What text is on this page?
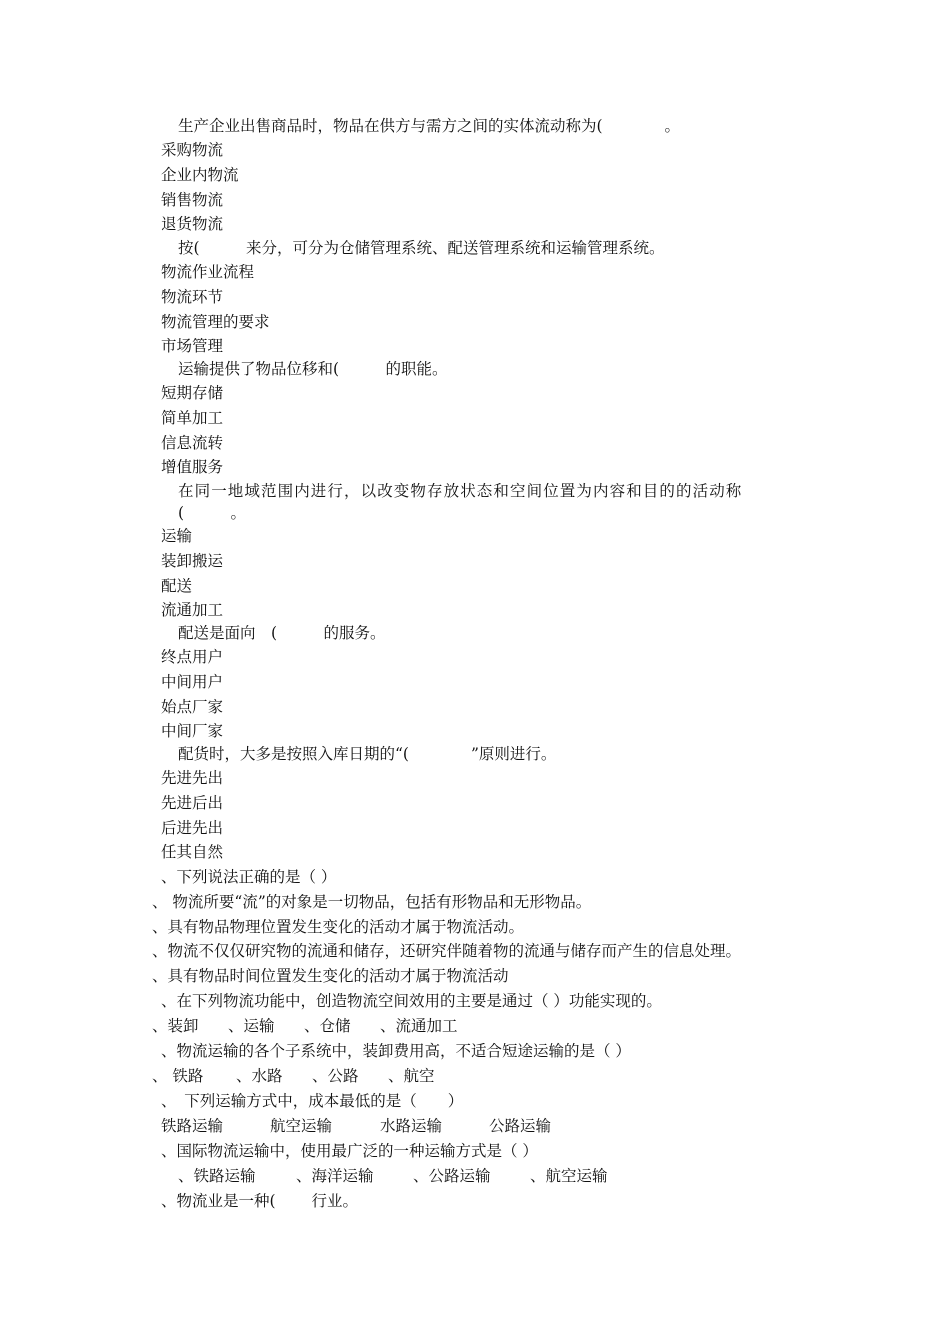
生产企业出售商品时，物品在供方与需方之间的实体流动称为(　　　　。
采购物流
企业内物流
销售物流
退货物流
按(　　　来分，可分为仓储管理系统、配送管理系统和运输管理系统。
物流作业流程
物流环节
物流管理的要求
市场管理
运输提供了物品位移和(　　　的职能。
短期存储
简单加工
信息流转
增值服务
在同一地域范围内进行，以改变物存放状态和空间位置为内容和目的的活动称
(　　　。
运输
装卸搬运
配送
流通加工
配送是面向　(　　　的服务。
终点用户
中间用户
始点厂家
中间厂家
配货时，大多是按照入库日期的“(　　　　”原则进行。
先进先出
先进后出
后进先出
任其自然
、下列说法正确的是（ ）
、 物流所要“流”的对象是一切物品，包括有形物品和无形物品。
、具有物品物理位置发生变化的活动才属于物流活动。
、物流不仅仅研究物的流通和储存，还研究伴随着物的流通与储存而产生的信息处理。
、具有物品时间位置发生变化的活动才属于物流活动
、在下列物流功能中，创造物流空间效用的主要是通过（ ）功能实现的。
、装卸 、运输 、仓储 、流通加工
、物流运输的各个子系统中，装卸费用高，不适合短途运输的是（ ）
、 铁路 、水路 、公路 、航空
、　下列运输方式中，成本最低的是（　　）
铁路运输	航空运输	水路运输	公路运输
、国际物流运输中，使用最广泛的一种运输方式是（ ）
、铁路运输	、海洋运输	、公路运输	、航空运输
、物流业是一种(　　 行业。
